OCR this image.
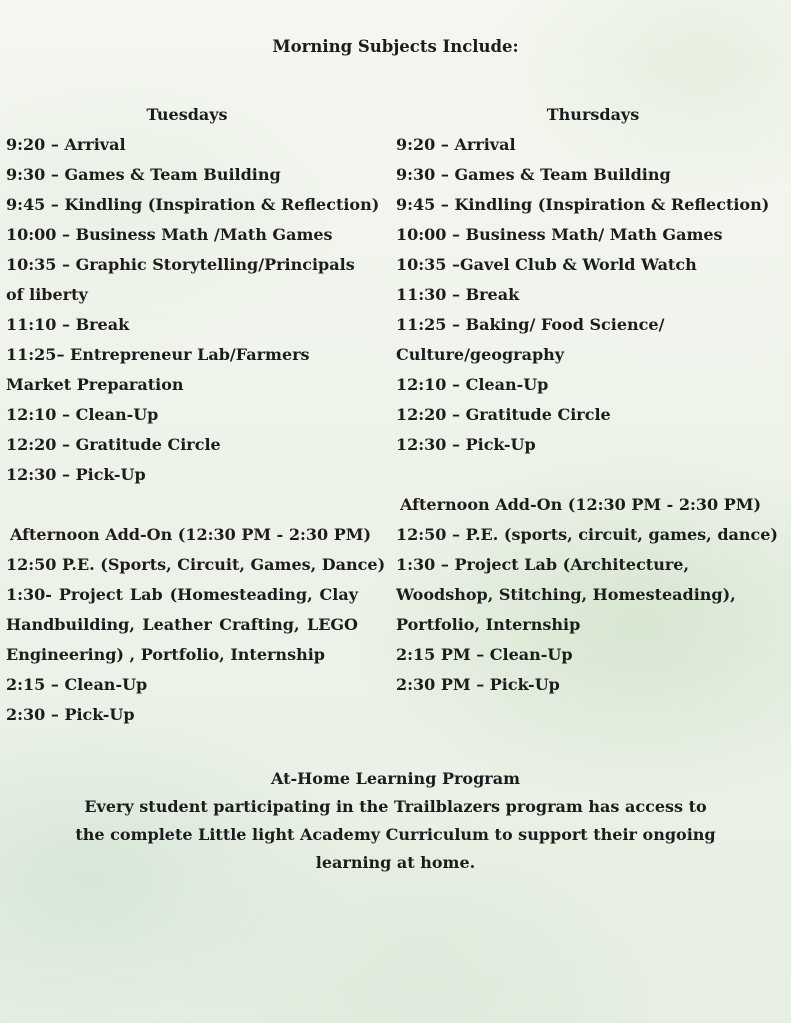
Morning Subjects Include:
Tuesdays
9:20 – Arrival
9:30 – Games & Team Building
9:45 – Kindling (Inspiration & Reflection)
10:00 – Business Math /Math Games
10:35 – Graphic Storytelling/Principals of liberty
11:10 – Break
11:25– Entrepreneur Lab/Farmers Market Preparation
12:10 – Clean-Up
12:20 – Gratitude Circle
12:30 – Pick-Up
Afternoon Add-On (12:30 PM - 2:30 PM)
12:50 P.E. (Sports, Circuit, Games, Dance)
1:30- Project Lab (Homesteading, Clay Handbuilding, Leather Crafting, LEGO Engineering) , Portfolio, Internship
2:15 – Clean-Up
2:30 – Pick-Up
Thursdays
9:20 – Arrival
9:30 – Games & Team Building
9:45 – Kindling (Inspiration & Reflection)
10:00 – Business Math/ Math Games
10:35 –Gavel Club & World Watch
11:30 – Break
11:25 – Baking/ Food Science/ Culture/geography
12:10 – Clean-Up
12:20 – Gratitude Circle
12:30 – Pick-Up
Afternoon Add-On (12:30 PM - 2:30 PM)
12:50 – P.E. (sports, circuit, games, dance)
1:30 – Project Lab (Architecture, Woodshop, Stitching, Homesteading), Portfolio, Internship
2:15 PM – Clean-Up
2:30 PM – Pick-Up
At-Home Learning Program
Every student participating in the Trailblazers program has access to
the complete Little light Academy Curriculum to support their ongoing
learning at home.
